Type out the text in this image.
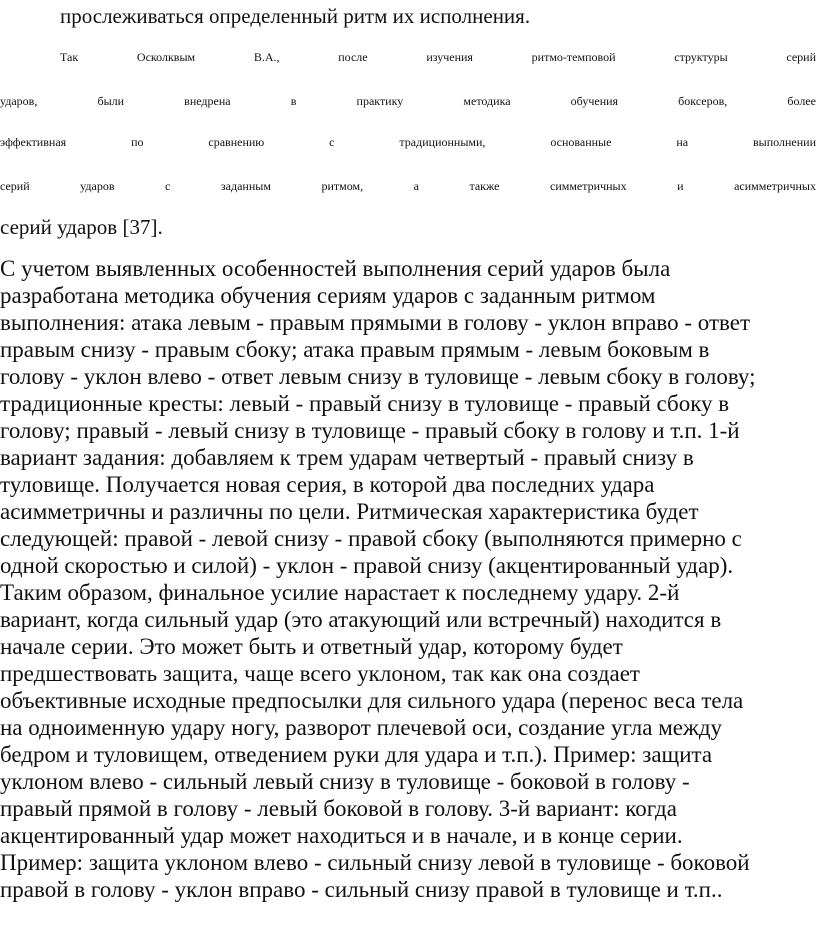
прослеживаться определенный ритм их исполнения.
Так Осколквым В.А., после изучения ритмо-темповой структуры серий
ударов, были внедрена в практику методика обучения боксеров, более
эффективная по сравнению с традиционными, основанные на выполнении
серий ударов с заданным ритмом, а также симметричных и асимметричных
серий ударов [37].
С учетом выявленных особенностей выполнения серий ударов была
разработана методика обучения сериям ударов с заданным ритмом
выполнения: атака левым - правым прямыми в голову - уклон вправо - ответ
правым снизу - правым сбоку; атака правым прямым - левым боковым в
голову - уклон влево - ответ левым снизу в туловище - левым сбоку в голову;
традиционные кресты: левый - правый снизу в туловище - правый сбоку в
голову; правый - левый снизу в туловище - правый сбоку в голову и т.п. 1-й
вариант задания: добавляем к трем ударам четвертый - правый снизу в
туловище. Получается новая серия, в которой два последних удара
асимметричны и различны по цели. Ритмическая характеристика будет
следующей: правой - левой снизу - правой сбоку (выполняются примерно с
одной скоростью и силой) - уклон - правой снизу (акцентированный удар).
Таким образом, финальное усилие нарастает к последнему удару. 2-й
вариант, когда сильный удар (это атакующий или встречный) находится в
начале серии. Это может быть и ответный удар, которому будет
предшествовать защита, чаще всего уклоном, так как она создает
объективные исходные предпосылки для сильного удара (перенос веса тела
на одноименную удару ногу, разворот плечевой оси, создание угла между
бедром и туловищем, отведением руки для удара и т.п.). Пример: защита
уклоном влево - сильный левый снизу в туловище - боковой в голову -
правый прямой в голову - левый боковой в голову. 3-й вариант: когда
акцентированный удар может находиться и в начале, и в конце серии.
Пример: защита уклоном влево - сильный снизу левой в туловище - боковой
правой в голову - уклон вправо - сильный снизу правой в туловище и т.п..
